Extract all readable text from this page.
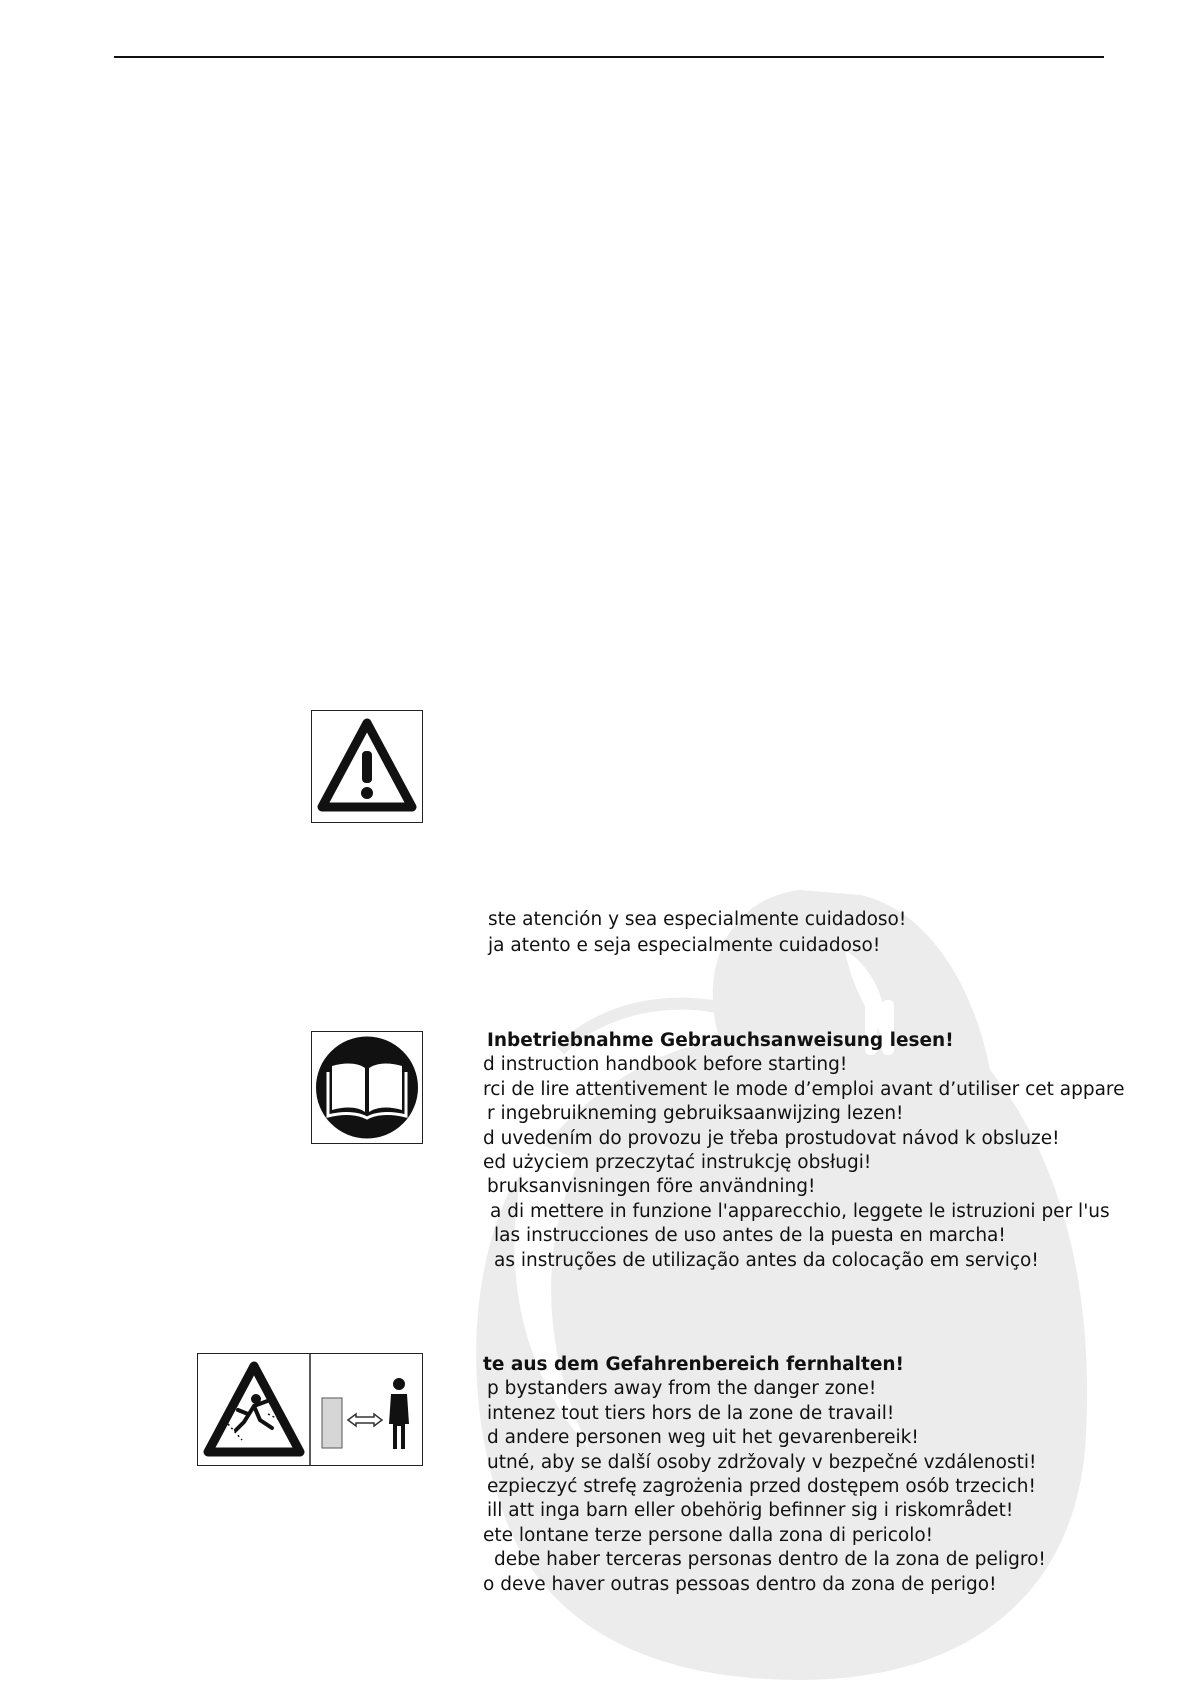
ste atención y sea especialmente cuidadoso!
ja atento e seja especialmente cuidadoso!
Inbetriebnahme Gebrauchsanweisung lesen!
d instruction handbook before starting!
rci de lire attentivement le mode d’emploi avant d’utiliser cet appare
r ingebruikneming gebruiksaanwijzing lezen!
d uvedením do provozu je třeba prostudovat návod k obsluze!
ed użyciem przeczytać instrukcję obsługi!
bruksanvisningen före användning!
a di mettere in funzione l'apparecchio, leggete le istruzioni per l'us
las instrucciones de uso antes de la puesta en marcha!
as instruções de utilização antes da colocação em serviço!
te aus dem Gefahrenbereich fernhalten!
p bystanders away from the danger zone!
intenez tout tiers hors de la zone de travail!
d andere personen weg uit het gevarenbereik!
utné, aby se další osoby zdržovaly v bezpečné vzdálenosti!
ezpieczyć strefę zagrożenia przed dostępem osób trzecich!
ill att inga barn eller obehörig befinner sig i riskområdet!
ete lontane terze persone dalla zona di pericolo!
debe haber terceras personas dentro de la zona de peligro!
o deve haver outras pessoas dentro da zona de perigo!
